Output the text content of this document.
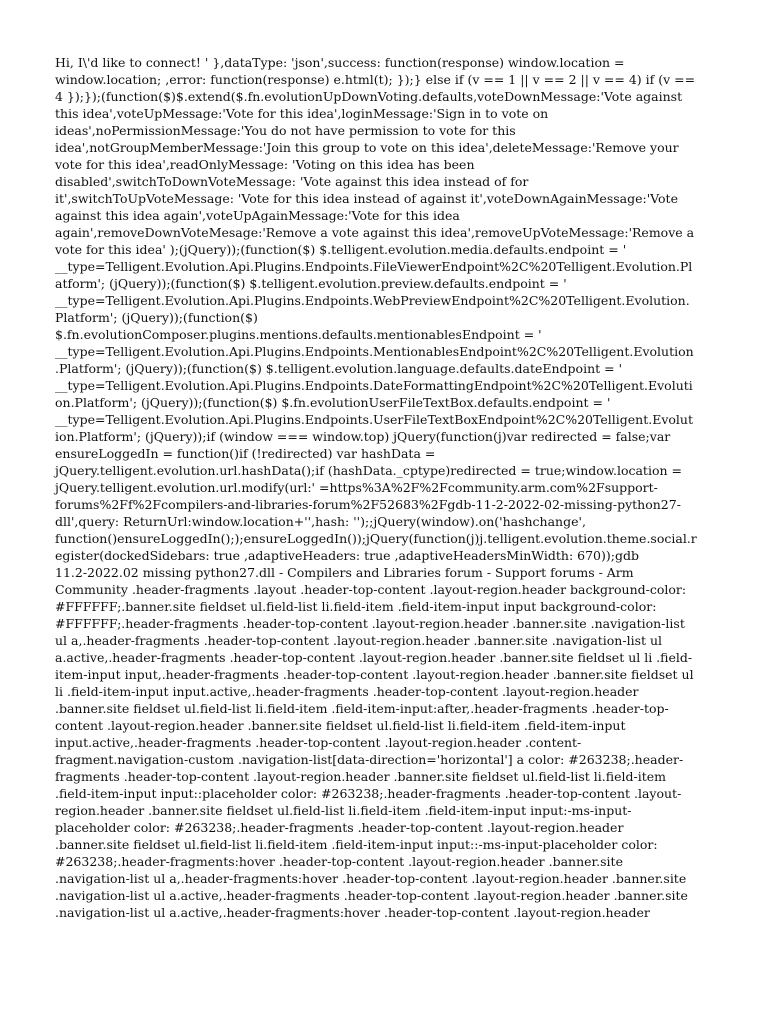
Hi, I\'d like to connect! ' },dataType: 'json',success: function(response) window.location =
window.location; ,error: function(response) e.html(t); });} else if (v == 1 || v == 2 || v == 4) if (v ==
4 });});(function($)$.extend($.fn.evolutionUpDownVoting.defaults,voteDownMessage:'Vote against
this idea',voteUpMessage:'Vote for this idea',loginMessage:'Sign in to vote on
ideas',noPermissionMessage:'You do not have permission to vote for this
idea',notGroupMemberMessage:'Join this group to vote on this idea',deleteMessage:'Remove your
vote for this idea',readOnlyMessage: 'Voting on this idea has been
disabled',switchToDownVoteMessage: 'Vote against this idea instead of for
it',switchToUpVoteMessage: 'Vote for this idea instead of against it',voteDownAgainMessage:'Vote
against this idea again',voteUpAgainMessage:'Vote for this idea
again',removeDownVoteMesage:'Remove a vote against this idea',removeUpVoteMessage:'Remove a
vote for this idea' );(jQuery));(function($) $.telligent.evolution.media.defaults.endpoint = '
__type=Telligent.Evolution.Api.Plugins.Endpoints.FileViewerEndpoint%2C%20Telligent.Evolution.Pl
atform'; (jQuery));(function($) $.telligent.evolution.preview.defaults.endpoint = '
__type=Telligent.Evolution.Api.Plugins.Endpoints.WebPreviewEndpoint%2C%20Telligent.Evolution.
Platform'; (jQuery));(function($)
$.fn.evolutionComposer.plugins.mentions.defaults.mentionablesEndpoint = '
__type=Telligent.Evolution.Api.Plugins.Endpoints.MentionablesEndpoint%2C%20Telligent.Evolution
.Platform'; (jQuery));(function($) $.telligent.evolution.language.defaults.dateEndpoint = '
__type=Telligent.Evolution.Api.Plugins.Endpoints.DateFormattingEndpoint%2C%20Telligent.Evoluti
on.Platform'; (jQuery));(function($) $.fn.evolutionUserFileTextBox.defaults.endpoint = '
__type=Telligent.Evolution.Api.Plugins.Endpoints.UserFileTextBoxEndpoint%2C%20Telligent.Evolut
ion.Platform'; (jQuery));if (window === window.top) jQuery(function(j)var redirected = false;var
ensureLoggedIn = function()if (!redirected) var hashData =
jQuery.telligent.evolution.url.hashData();if (hashData._cptype)redirected = true;window.location =
jQuery.telligent.evolution.url.modify(url:' =https%3A%2F%2Fcommunity.arm.com%2Fsupport-
forums%2Ff%2Fcompilers-and-libraries-forum%2F52683%2Fgdb-11-2-2022-02-missing-python27-
dll',query: ReturnUrl:window.location+'',hash: '');;jQuery(window).on('hashchange',
function()ensureLoggedIn(););ensureLoggedIn());jQuery(function(j)j.telligent.evolution.theme.social.r
egister(dockedSidebars: true ,adaptiveHeaders: true ,adaptiveHeadersMinWidth: 670));gdb
11.2-2022.02 missing python27.dll - Compilers and Libraries forum - Support forums - Arm
Community .header-fragments .layout .header-top-content .layout-region.header background-color:
#FFFFFF;.banner.site fieldset ul.field-list li.field-item .field-item-input input background-color:
#FFFFFF;.header-fragments .header-top-content .layout-region.header .banner.site .navigation-list
ul a,.header-fragments .header-top-content .layout-region.header .banner.site .navigation-list ul
a.active,.header-fragments .header-top-content .layout-region.header .banner.site fieldset ul li .field-
item-input input,.header-fragments .header-top-content .layout-region.header .banner.site fieldset ul
li .field-item-input input.active,.header-fragments .header-top-content .layout-region.header
.banner.site fieldset ul.field-list li.field-item .field-item-input:after,.header-fragments .header-top-
content .layout-region.header .banner.site fieldset ul.field-list li.field-item .field-item-input
input.active,.header-fragments .header-top-content .layout-region.header .content-
fragment.navigation-custom .navigation-list[data-direction='horizontal'] a color: #263238;.header-
fragments .header-top-content .layout-region.header .banner.site fieldset ul.field-list li.field-item
.field-item-input input::placeholder color: #263238;.header-fragments .header-top-content .layout-
region.header .banner.site fieldset ul.field-list li.field-item .field-item-input input:-ms-input-
placeholder color: #263238;.header-fragments .header-top-content .layout-region.header
.banner.site fieldset ul.field-list li.field-item .field-item-input input::-ms-input-placeholder color:
#263238;.header-fragments:hover .header-top-content .layout-region.header .banner.site
.navigation-list ul a,.header-fragments:hover .header-top-content .layout-region.header .banner.site
.navigation-list ul a.active,.header-fragments .header-top-content .layout-region.header .banner.site
.navigation-list ul a.active,.header-fragments:hover .header-top-content .layout-region.header
